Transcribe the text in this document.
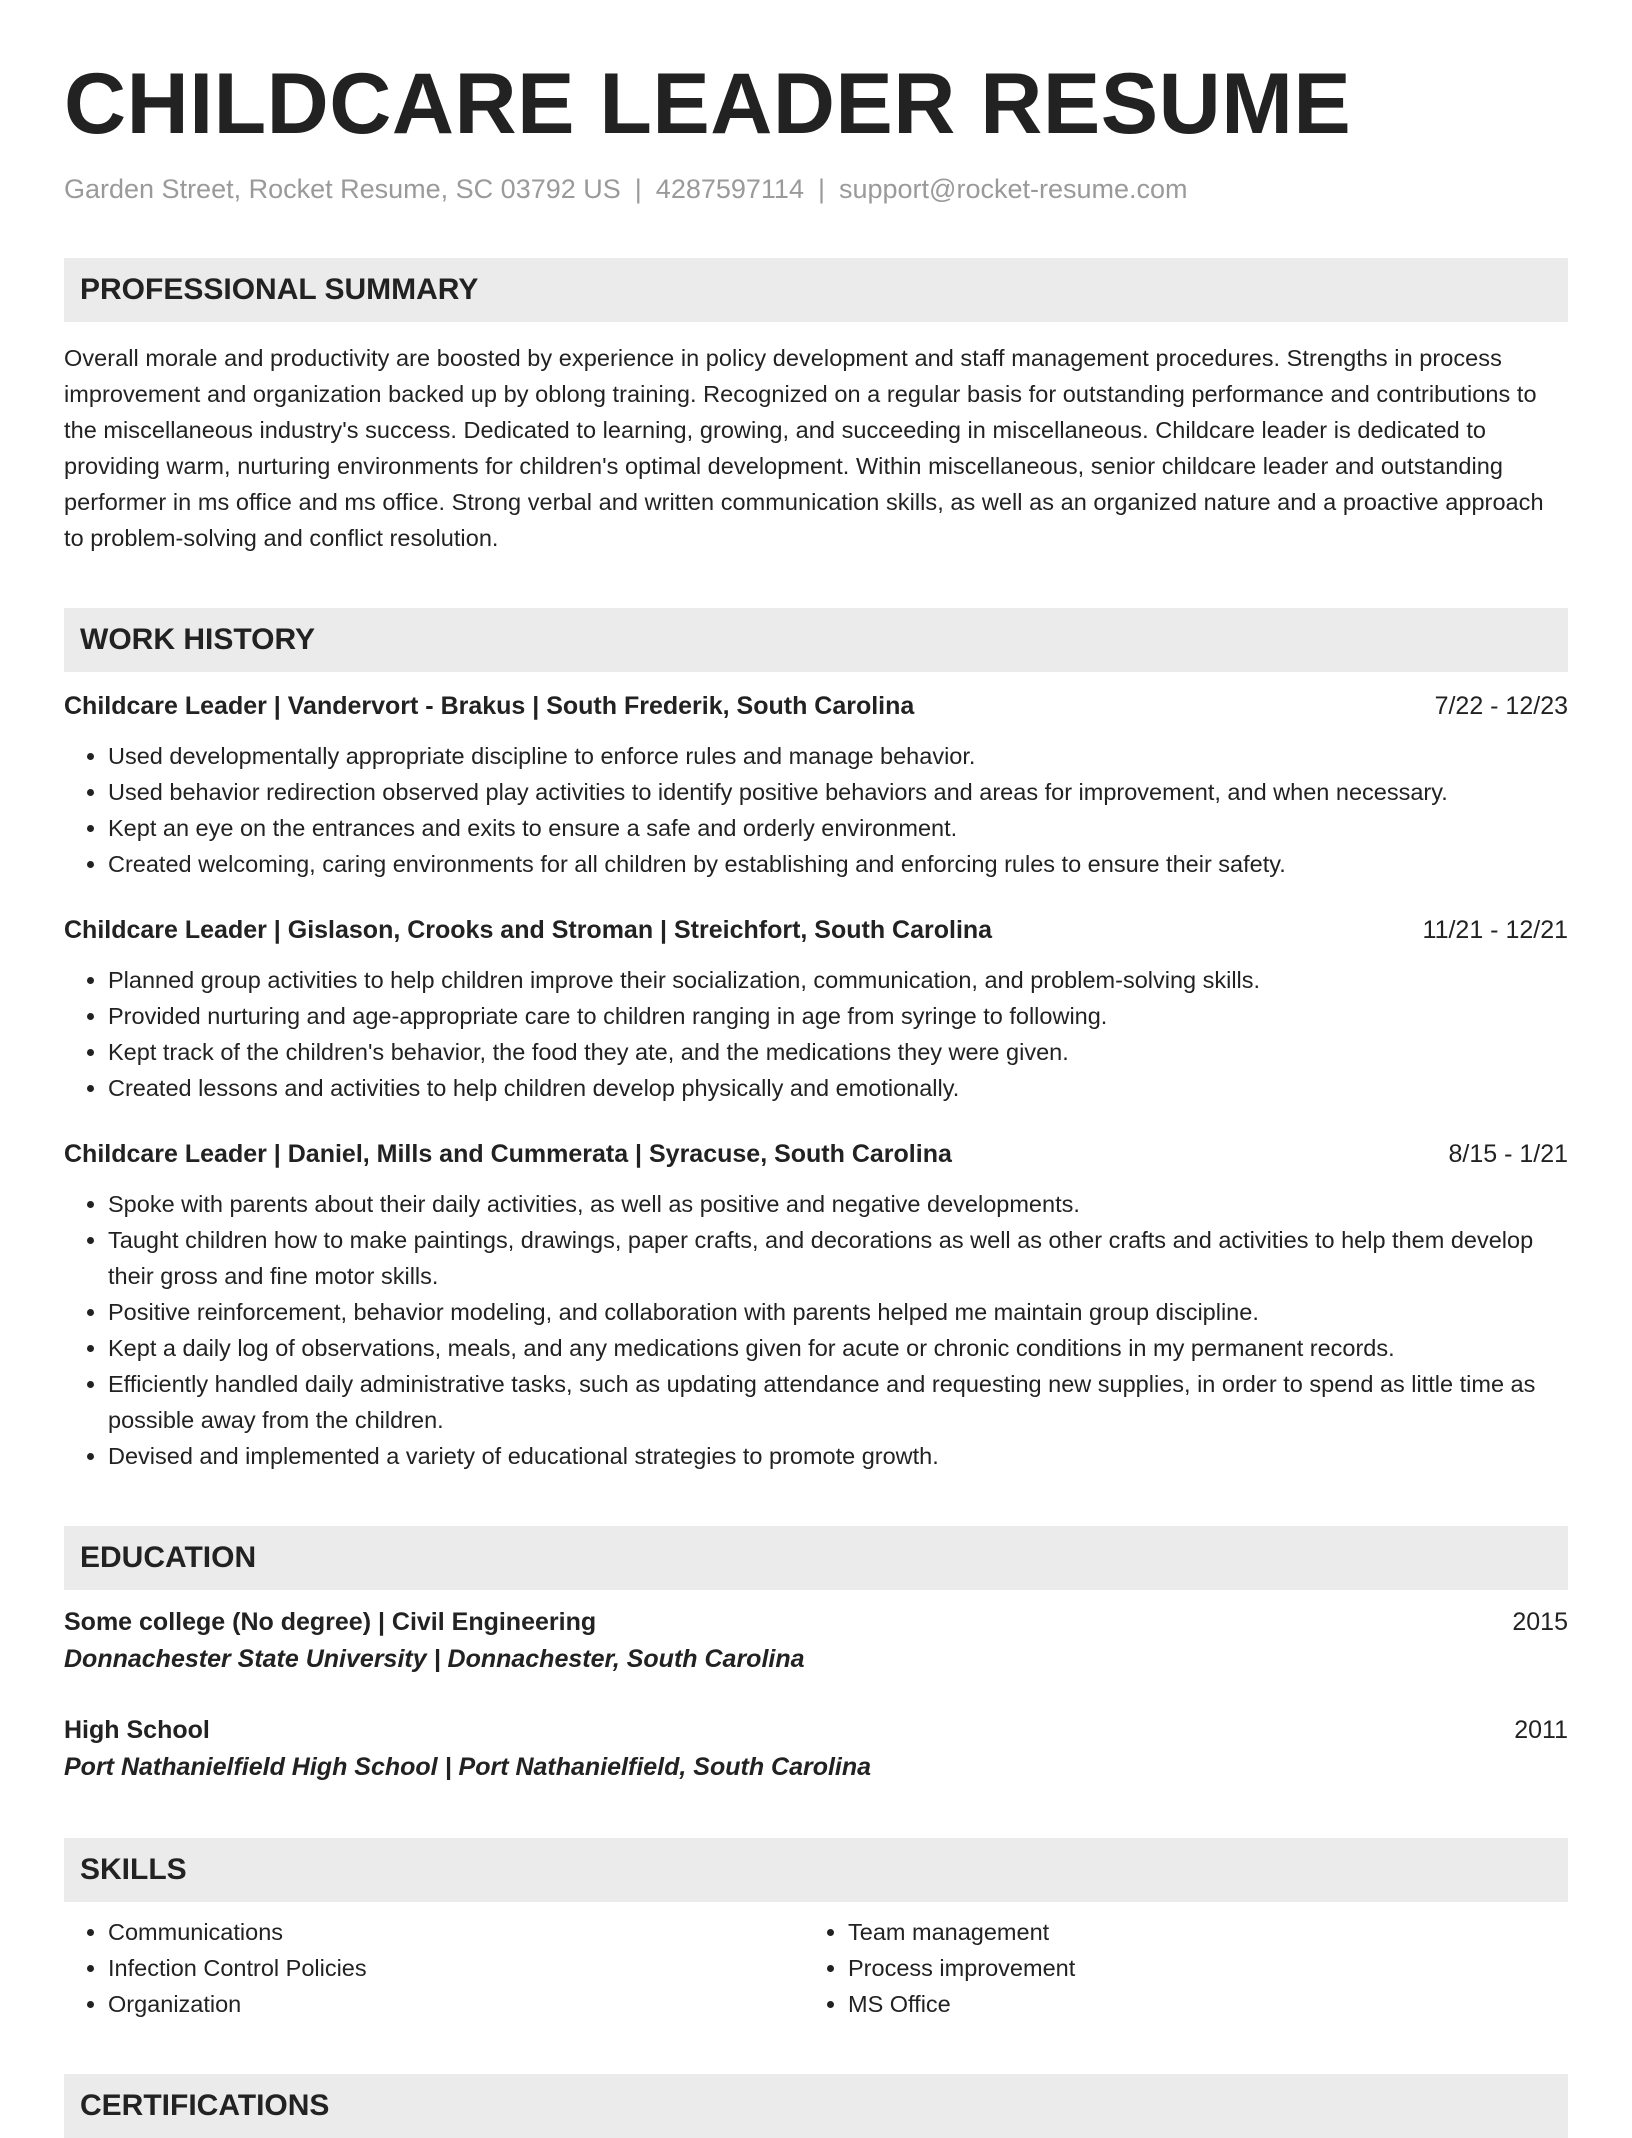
CHILDCARE LEADER RESUME
Garden Street, Rocket Resume, SC 03792 US | 4287597114 | support@rocket-resume.com
PROFESSIONAL SUMMARY
Overall morale and productivity are boosted by experience in policy development and staff management procedures. Strengths in process improvement and organization backed up by oblong training. Recognized on a regular basis for outstanding performance and contributions to the miscellaneous industry's success. Dedicated to learning, growing, and succeeding in miscellaneous. Childcare leader is dedicated to providing warm, nurturing environments for children's optimal development. Within miscellaneous, senior childcare leader and outstanding performer in ms office and ms office. Strong verbal and written communication skills, as well as an organized nature and a proactive approach to problem-solving and conflict resolution.
WORK HISTORY
Childcare Leader | Vandervort - Brakus | South Frederik, South Carolina	7/22 - 12/23
• Used developmentally appropriate discipline to enforce rules and manage behavior.
• Used behavior redirection observed play activities to identify positive behaviors and areas for improvement, and when necessary.
• Kept an eye on the entrances and exits to ensure a safe and orderly environment.
• Created welcoming, caring environments for all children by establishing and enforcing rules to ensure their safety.
Childcare Leader | Gislason, Crooks and Stroman | Streichfort, South Carolina	11/21 - 12/21
• Planned group activities to help children improve their socialization, communication, and problem-solving skills.
• Provided nurturing and age-appropriate care to children ranging in age from syringe to following.
• Kept track of the children's behavior, the food they ate, and the medications they were given.
• Created lessons and activities to help children develop physically and emotionally.
Childcare Leader | Daniel, Mills and Cummerata | Syracuse, South Carolina	8/15 - 1/21
• Spoke with parents about their daily activities, as well as positive and negative developments.
• Taught children how to make paintings, drawings, paper crafts, and decorations as well as other crafts and activities to help them develop their gross and fine motor skills.
• Positive reinforcement, behavior modeling, and collaboration with parents helped me maintain group discipline.
• Kept a daily log of observations, meals, and any medications given for acute or chronic conditions in my permanent records.
• Efficiently handled daily administrative tasks, such as updating attendance and requesting new supplies, in order to spend as little time as possible away from the children.
• Devised and implemented a variety of educational strategies to promote growth.
EDUCATION
Some college (No degree) | Civil Engineering	2015
Donnachester State University | Donnachester, South Carolina
High School	2011
Port Nathanielfield High School | Port Nathanielfield, South Carolina
SKILLS
• Communications
• Infection Control Policies
• Organization
• Team management
• Process improvement
• MS Office
CERTIFICATIONS
